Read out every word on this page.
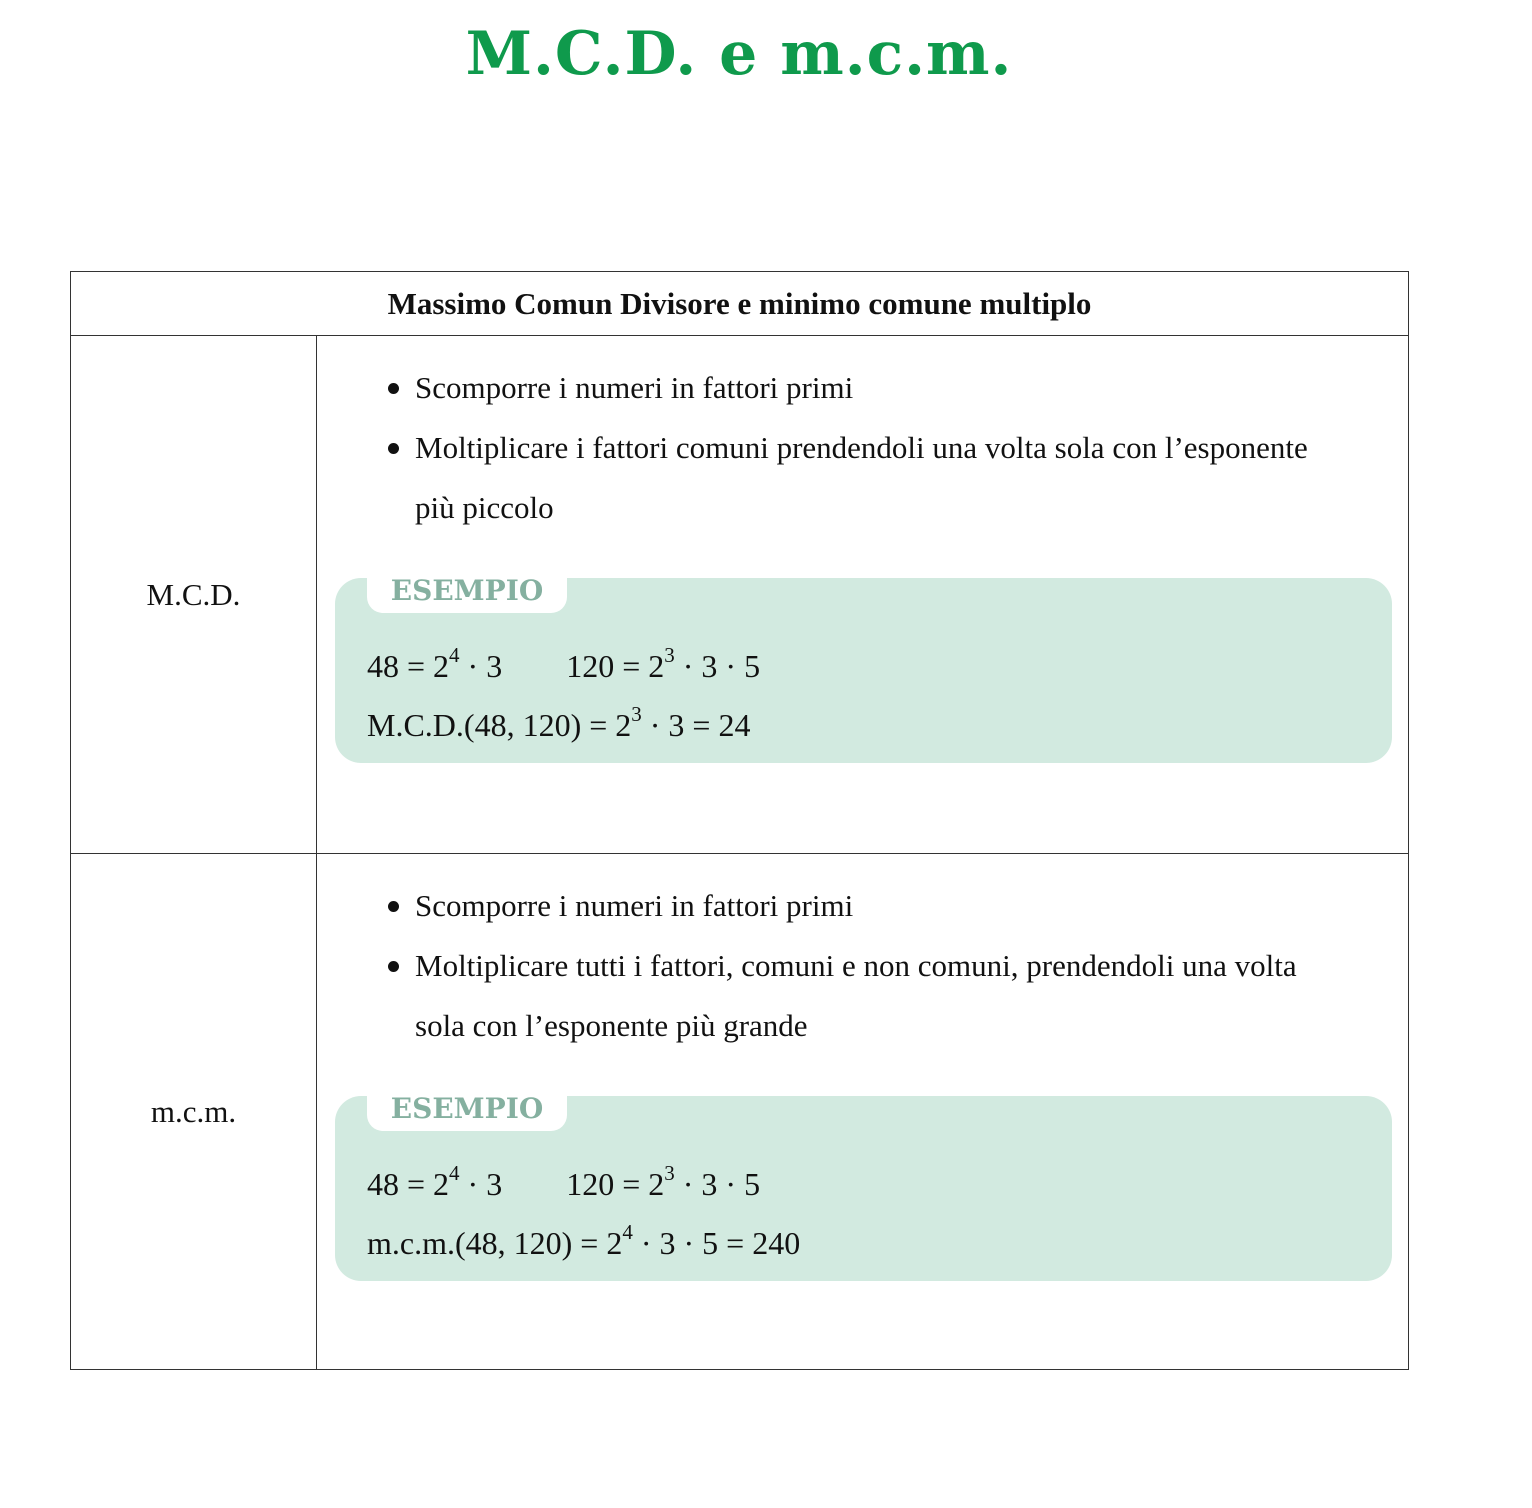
M.C.D. e m.c.m.
Massimo Comun Divisore e minimo comune multiplo
M.C.D.
Scomporre i numeri in fattori primi
Moltiplicare i fattori comuni prendendoli una volta sola con l’esponente più piccolo
ESEMPIO
$48 = 2^4 \cdot 3$ $120 = 2^3 \cdot 3 \cdot 5$
M.C.D.(48, $120) = 2^3 \cdot 3 = 24$
m.c.m.
Scomporre i numeri in fattori primi
Moltiplicare tutti i fattori, comuni e non comuni, prendendoli una volta sola con l’esponente più grande
ESEMPIO
$48 = 2^4 \cdot 3$ $120 = 2^3 \cdot 3 \cdot 5$
m.c.m.(48, $120) = 2^4 \cdot 3 \cdot 5 = 240$
